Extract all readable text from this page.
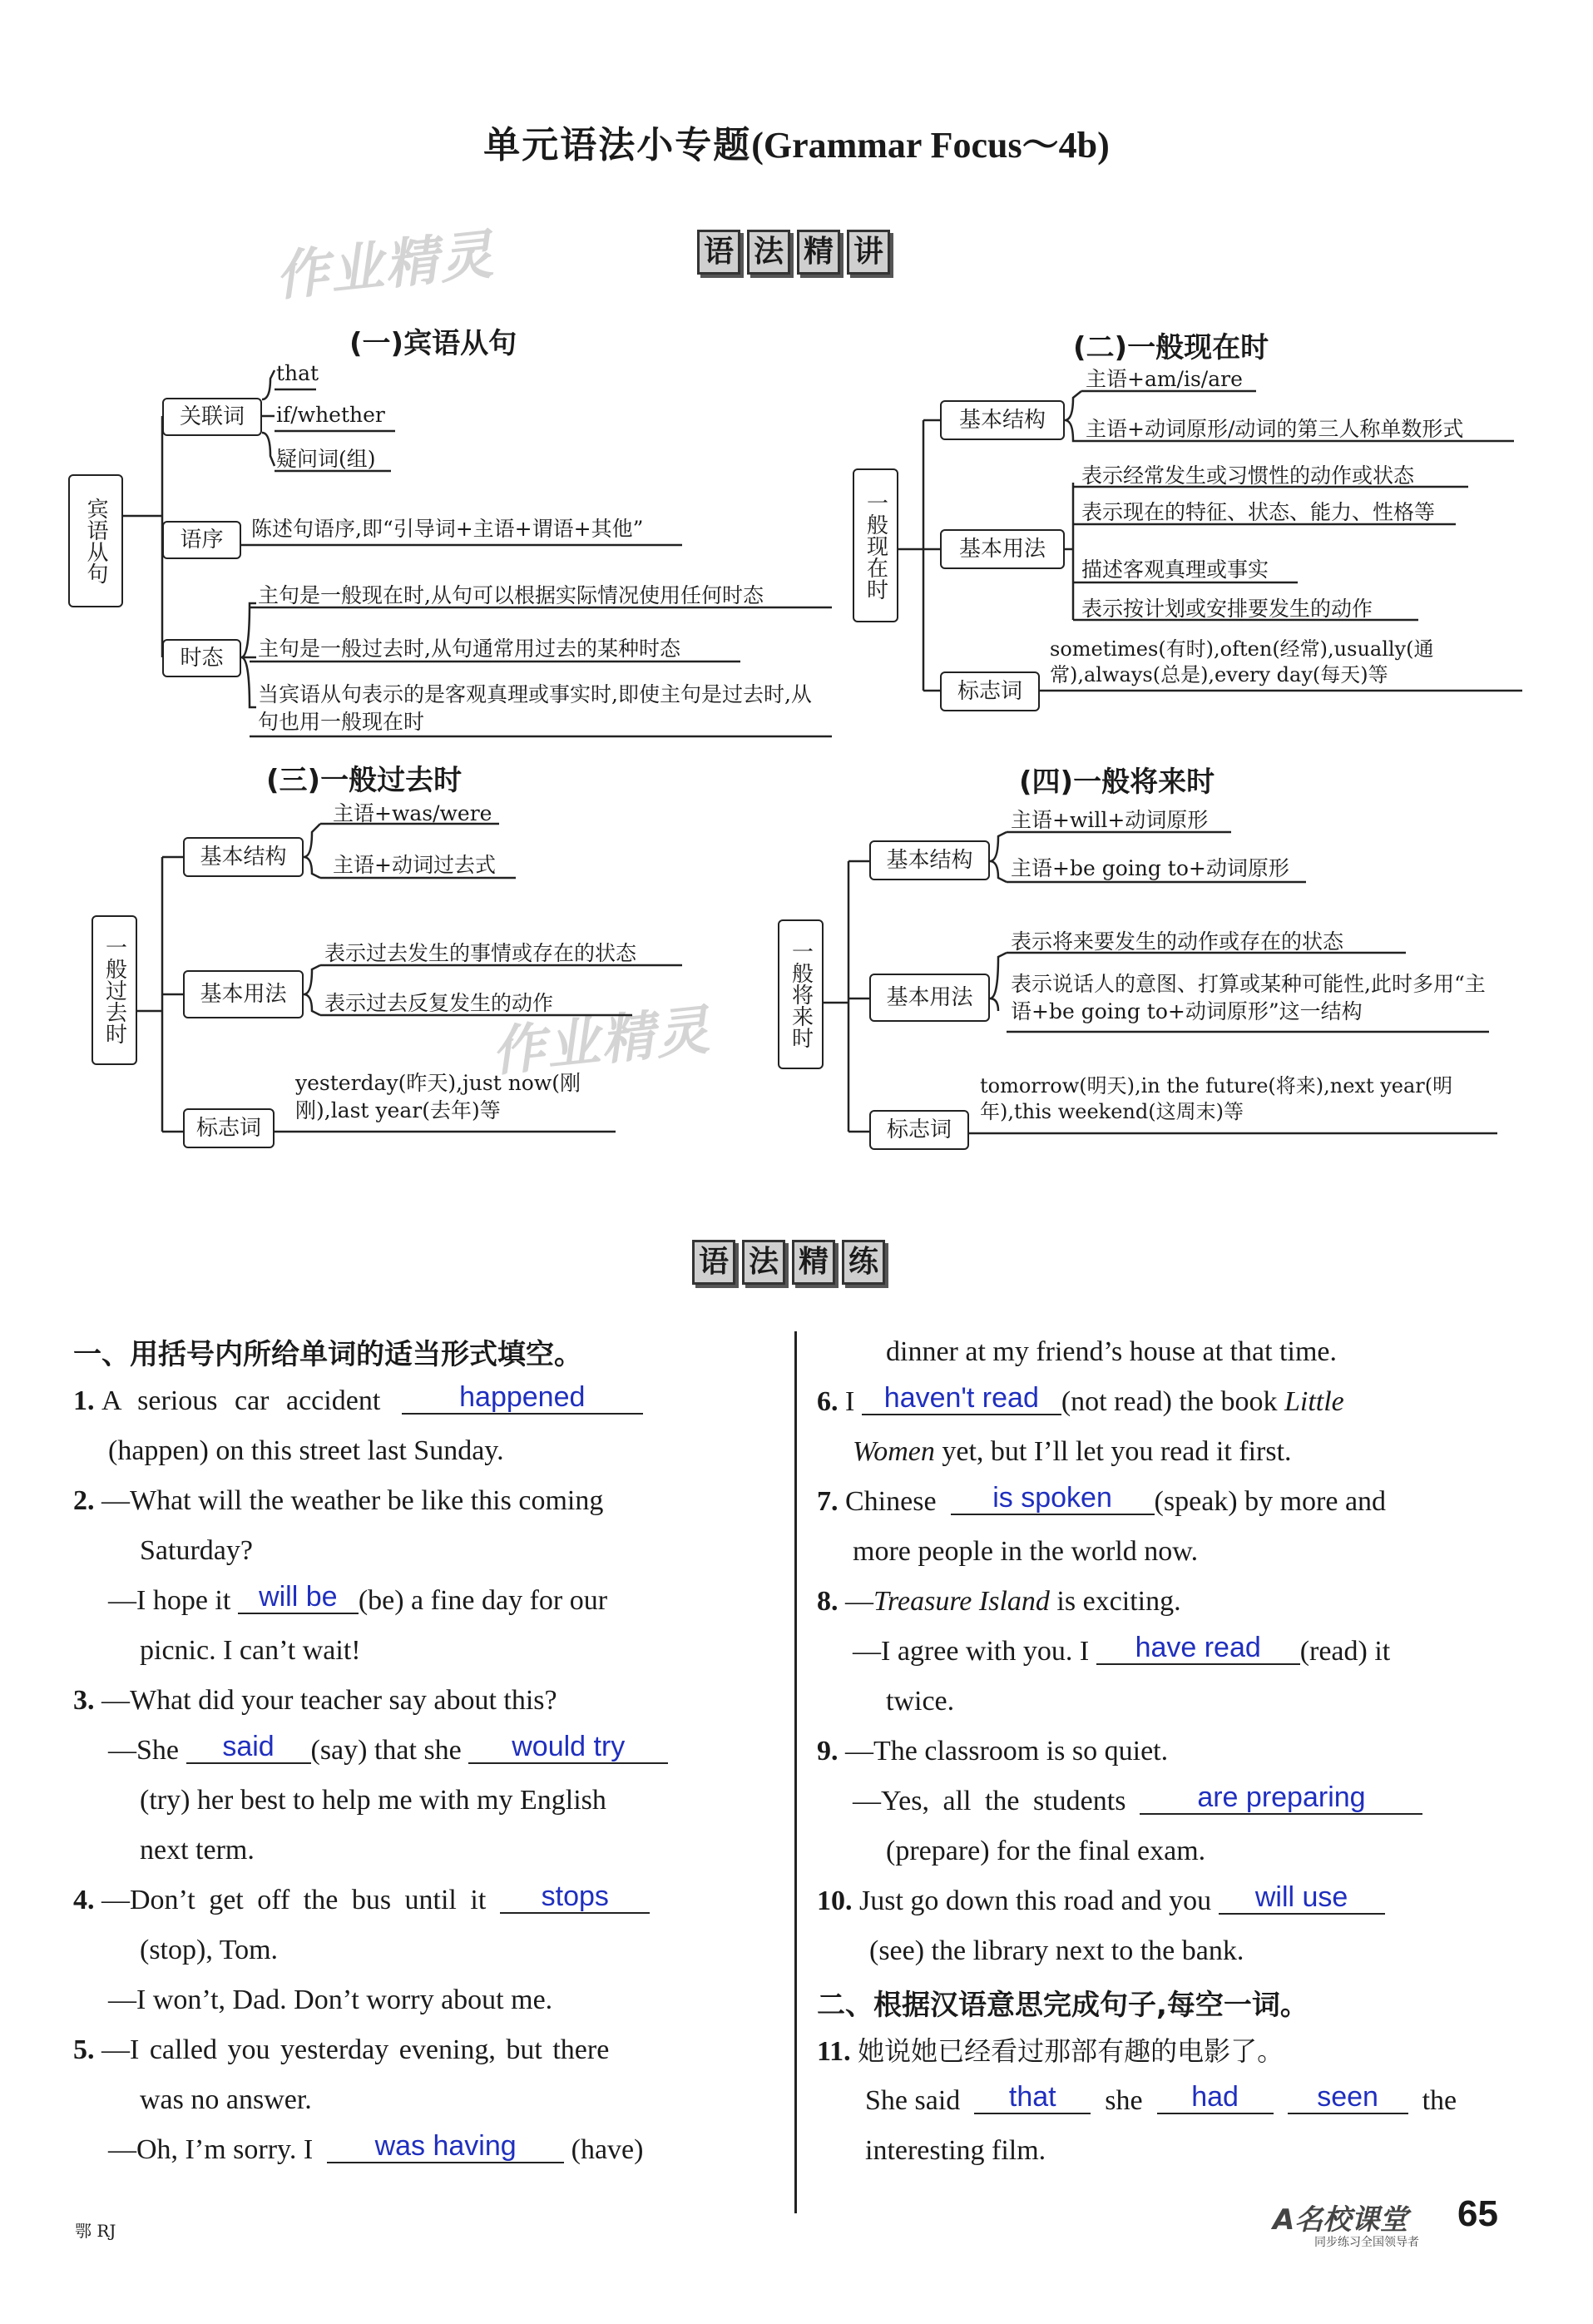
单元语法小专题(Grammar Focus～4b)
作业精灵
作业精灵
语 法 精 讲
(一)宾语从句
宾语从句
关联词
that
if/whether
疑问词(组)
语序	陈述句语序,即“引导词+主语+谓语+其他”
时态
主句是一般现在时,从句可以根据实际情况使用任何时态
主句是一般过去时,从句通常用过去的某种时态
当宾语从句表示的是客观真理或事实时,即使主句是过去时,从句也用一般现在时
(二)一般现在时
一般现在时
基本结构
主语+am/is/are
主语+动词原形/动词的第三人称单数形式
基本用法
表示经常发生或习惯性的动作或状态
表示现在的特征、状态、能力、性格等
描述客观真理或事实
表示按计划或安排要发生的动作
标志词
sometimes(有时),often(经常),usually(通常),always(总是),every day(每天)等
(三)一般过去时
一般过去时
基本结构
主语+was/were
主语+动词过去式
基本用法
表示过去发生的事情或存在的状态
表示过去反复发生的动作
标志词
yesterday(昨天),just now(刚刚),last year(去年)等
(四)一般将来时
一般将来时
基本结构
主语+will+动词原形
主语+be going to+动词原形
基本用法
表示将来要发生的动作或存在的状态
表示说话人的意图、打算或某种可能性,此时多用“主语+be going to+动词原形”这一结构
标志词
tomorrow(明天),in the future(将来),next year(明年),this weekend(这周末)等
语 法 精 练
一、用括号内所给单词的适当形式填空。
1. A serious car accident	happened
(happen) on this street last Sunday.
2. —What will the weather be like this coming
Saturday?
—I hope it will be (be) a fine day for our
picnic. I can’t wait!
3. —What did your teacher say about this?
—She said (say) that she would try
(try) her best to help me with my English
next term.
4. —Don’t get off the bus until it stops
(stop), Tom.
—I won’t, Dad. Don’t worry about me.
5. —I called you yesterday evening, but there
was no answer.
—Oh, I’m sorry. I was having (have)
dinner at my friend’s house at that time.
6. I haven't read (not read) the book Little
Women yet, but I’ll let you read it first.
7. Chinese is spoken (speak) by more and
more people in the world now.
8. —Treasure Island is exciting.
—I agree with you. I have read (read) it
twice.
9. —The classroom is so quiet.
—Yes, all the students	are preparing
(prepare) for the final exam.
10. Just go down this road and you will use
(see) the library next to the bank.
二、根据汉语意思完成句子,每空一词。
11. 她说她已经看过那部有趣的电影了。
She said that she had	seen the
interesting film.
鄂 RJ	A名校课堂
同步练习全国领导者
65
